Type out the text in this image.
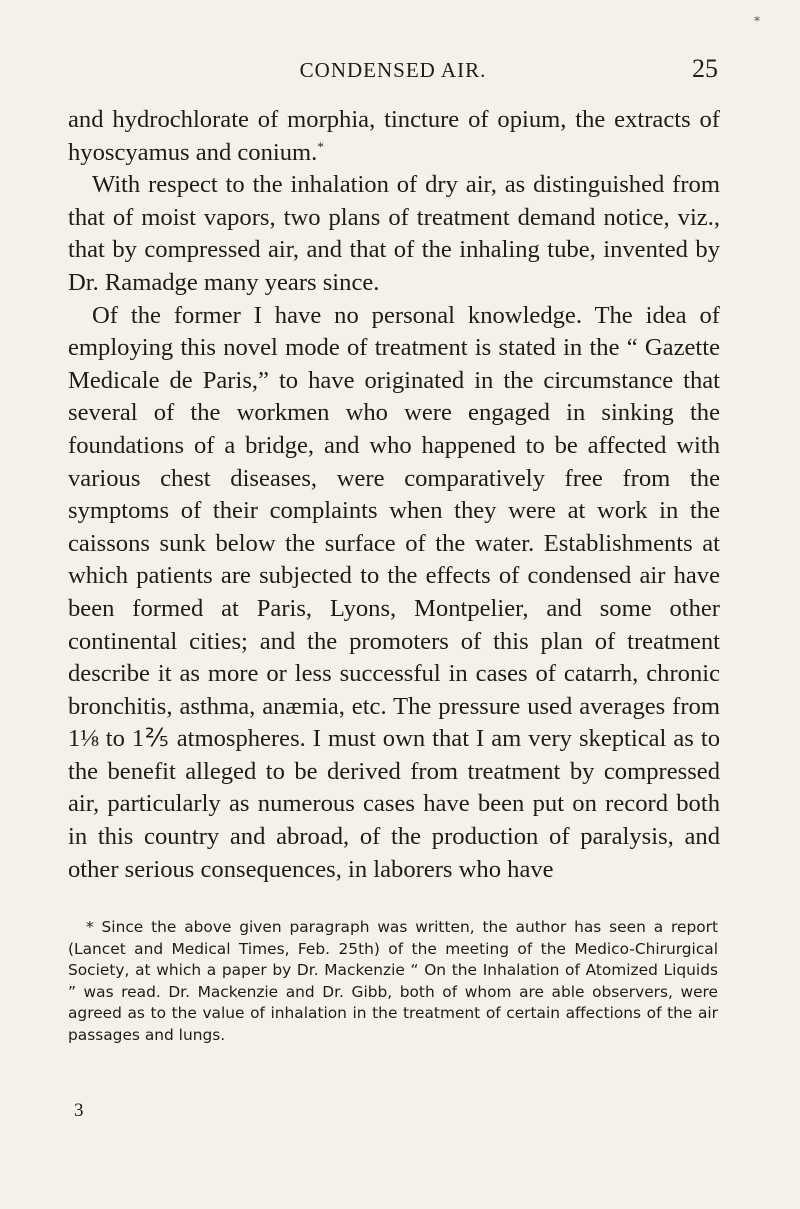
*
CONDENSED AIR.	25

and hydrochlorate of morphia, tincture of opium, the extracts of hyoscyamus and conium.*

With respect to the inhalation of dry air, as distinguished from that of moist vapors, two plans of treatment demand notice, viz., that by compressed air, and that of the inhaling tube, invented by Dr. Ramadge many years since.

Of the former I have no personal knowledge. The idea of employing this novel mode of treatment is stated in the “ Gazette Medicale de Paris,” to have originated in the circumstance that several of the workmen who were engaged in sinking the foundations of a bridge, and who happened to be affected with various chest diseases, were comparatively free from the symptoms of their complaints when they were at work in the caissons sunk below the surface of the water. Establishments at which patients are subjected to the effects of condensed air have been formed at Paris, Lyons, Montpelier, and some other continental cities; and the promoters of this plan of treatment describe it as more or less successful in cases of catarrh, chronic bronchitis, asthma, anæmia, etc. The pressure used averages from 1⅛ to 1⅖ atmospheres. I must own that I am very skeptical as to the benefit alleged to be derived from treatment by compressed air, particularly as numerous cases have been put on record both in this country and abroad, of the production of paralysis, and other serious consequences, in laborers who have

* Since the above given paragraph was written, the author has seen a report (Lancet and Medical Times, Feb. 25th) of the meeting of the Medico-Chirurgical Society, at which a paper by Dr. Mackenzie “ On the Inhalation of Atomized Liquids ” was read. Dr. Mackenzie and Dr. Gibb, both of whom are able observers, were agreed as to the value of inhalation in the treatment of certain affections of the air passages and lungs.

3
